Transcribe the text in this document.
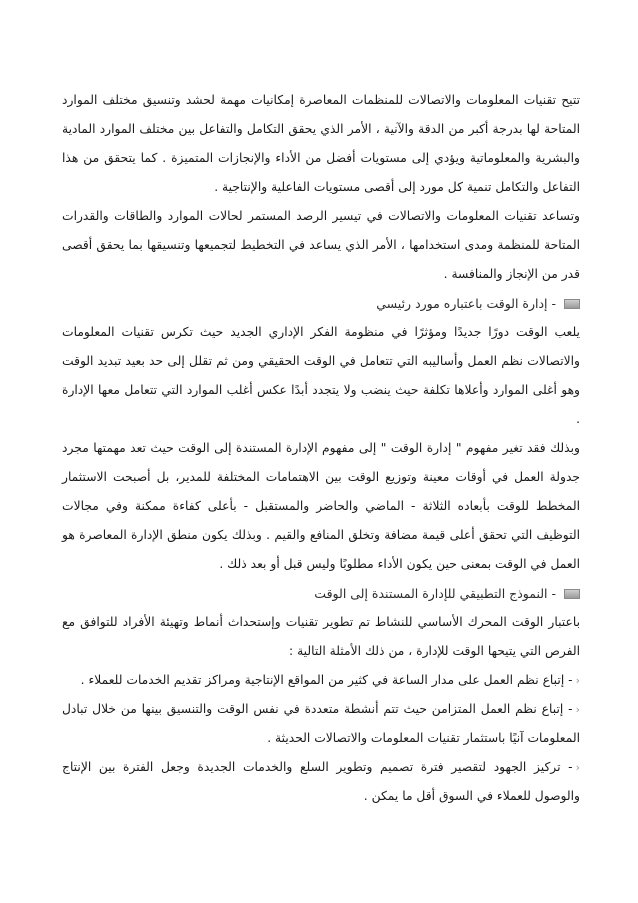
تتيح تقنيات المعلومات والاتصالات للمنظمات المعاصرة إمكانيات مهمة لحشد وتنسيق مختلف الموارد المتاحة لها بدرجة أكبر من الدقة والآنية ، الأمر الذي يحقق التكامل والتفاعل بين مختلف الموارد المادية والبشرية والمعلوماتية ويؤدي إلى مستويات أفضل من الأداء والإنجازات المتميزة . كما يتحقق من هذا التفاعل والتكامل تنمية كل مورد إلى أقصى مستويات الفاعلية والإنتاجية .

وتساعد تقنيات المعلومات والاتصالات في تيسير الرصد المستمر لحالات الموارد والطاقات والقدرات المتاحة للمنظمة ومدى استخدامها ، الأمر الذي يساعد في التخطيط لتجميعها وتنسيقها بما يحقق أقصى قدر من الإنجاز والمنافسة .

- إدارة الوقت باعتباره مورد رئيسي

يلعب الوقت دورًا جديدًا ومؤثرًا في منظومة الفكر الإداري الجديد حيث تكرس تقنيات المعلومات والاتصالات نظم العمل وأساليبه التي تتعامل في الوقت الحقيقي ومن ثم تقلل إلى حد بعيد تبديد الوقت وهو أغلى الموارد وأعلاها تكلفة حيث ينضب ولا يتجدد أبدًا عكس أغلب الموارد التي تتعامل معها الإدارة .

وبذلك فقد تغير مفهوم " إدارة الوقت " إلى مفهوم الإدارة المستندة إلى الوقت حيث تعد مهمتها مجرد جدولة العمل في أوقات معينة وتوزيع الوقت بين الاهتمامات المختلفة للمدير، بل أصبحت الاستثمار المخطط للوقت بأبعاده الثلاثة - الماضي والحاضر والمستقبل - بأعلى كفاءة ممكنة وفي مجالات التوظيف التي تحقق أعلى قيمة مضافة وتخلق المنافع والقيم . وبذلك يكون منطق الإدارة المعاصرة هو العمل في الوقت بمعنى حين يكون الأداء مطلوبًا وليس قبل أو بعد ذلك .

- النموذج التطبيقي للإدارة المستندة إلى الوقت

باعتبار الوقت المحرك الأساسي للنشاط تم تطوير تقنيات وإستحداث أنماط وتهيئة الأفراد للتوافق مع الفرص التي يتيحها الوقت للإدارة ، من ذلك الأمثلة التالية :

‹- إتباع نظم العمل على مدار الساعة في كثير من المواقع الإنتاجية ومراكز تقديم الخدمات للعملاء .

‹- إتباع نظم العمل المتزامن حيث تتم أنشطة متعددة في نفس الوقت والتنسيق بينها من خلال تبادل المعلومات آنيًا باستثمار تقنيات المعلومات والاتصالات الحديثة .

‹- تركيز الجهود لتقصير فترة تصميم وتطوير السلع والخدمات الجديدة وجعل الفترة بين الإنتاج والوصول للعملاء في السوق أقل ما يمكن .
